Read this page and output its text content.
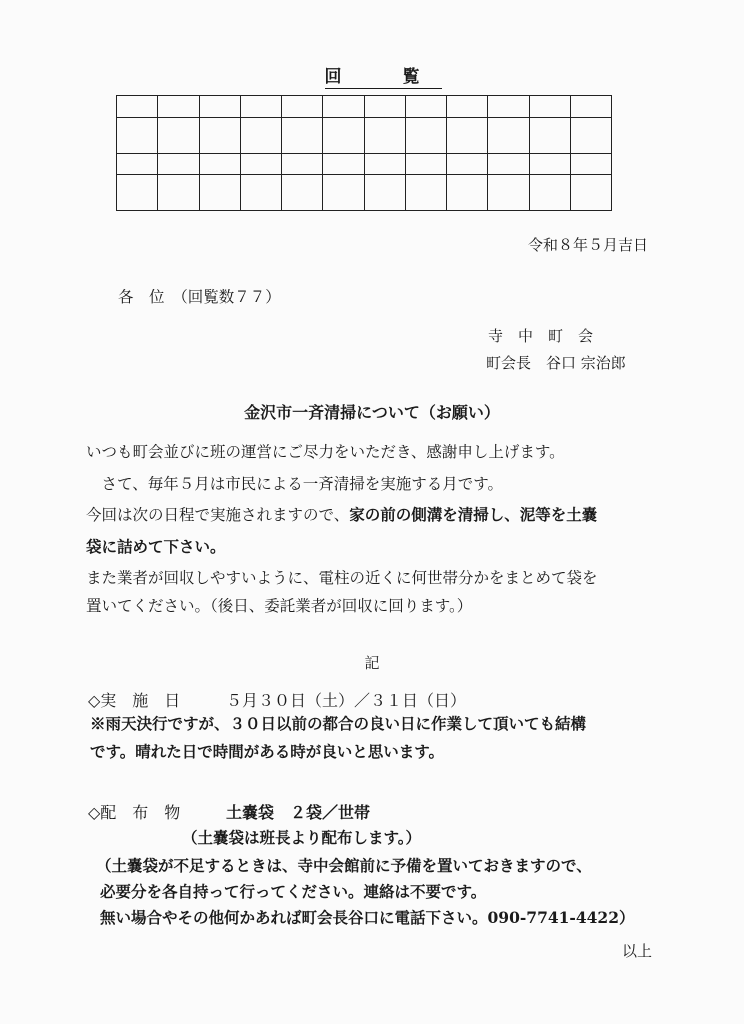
回　覧

令和８年５月吉日
各　位　（回覧数７７）
寺　中　町　会
町会長　谷口 宗治郎
金沢市一斉清掃について（お願い）
いつも町会並びに班の運営にご尽力をいただき、感謝申し上げます。
　さて、毎年５月は市民による一斉清掃を実施する月です。
今回は次の日程で実施されますので、家の前の側溝を清掃し、泥等を土嚢
袋に詰めて下さい。
また業者が回収しやすいように、電柱の近くに何世帯分かをまとめて袋を
置いてください。（後日、委託業者が回収に回ります。）
記
◇実　施　日	５月３０日（土）／３１日（日）
※雨天決行ですが、３０日以前の都合の良い日に作業して頂いても結構
です。晴れた日で時間がある時が良いと思います。
◇配　布　物	土嚢袋　２袋／世帯
（土嚢袋は班長より配布します。）
（土嚢袋が不足するときは、寺中会館前に予備を置いておきますので、
必要分を各自持って行ってください。連絡は不要です。
無い場合やその他何かあれば町会長谷口に電話下さい。090-7741-4422）
以上
